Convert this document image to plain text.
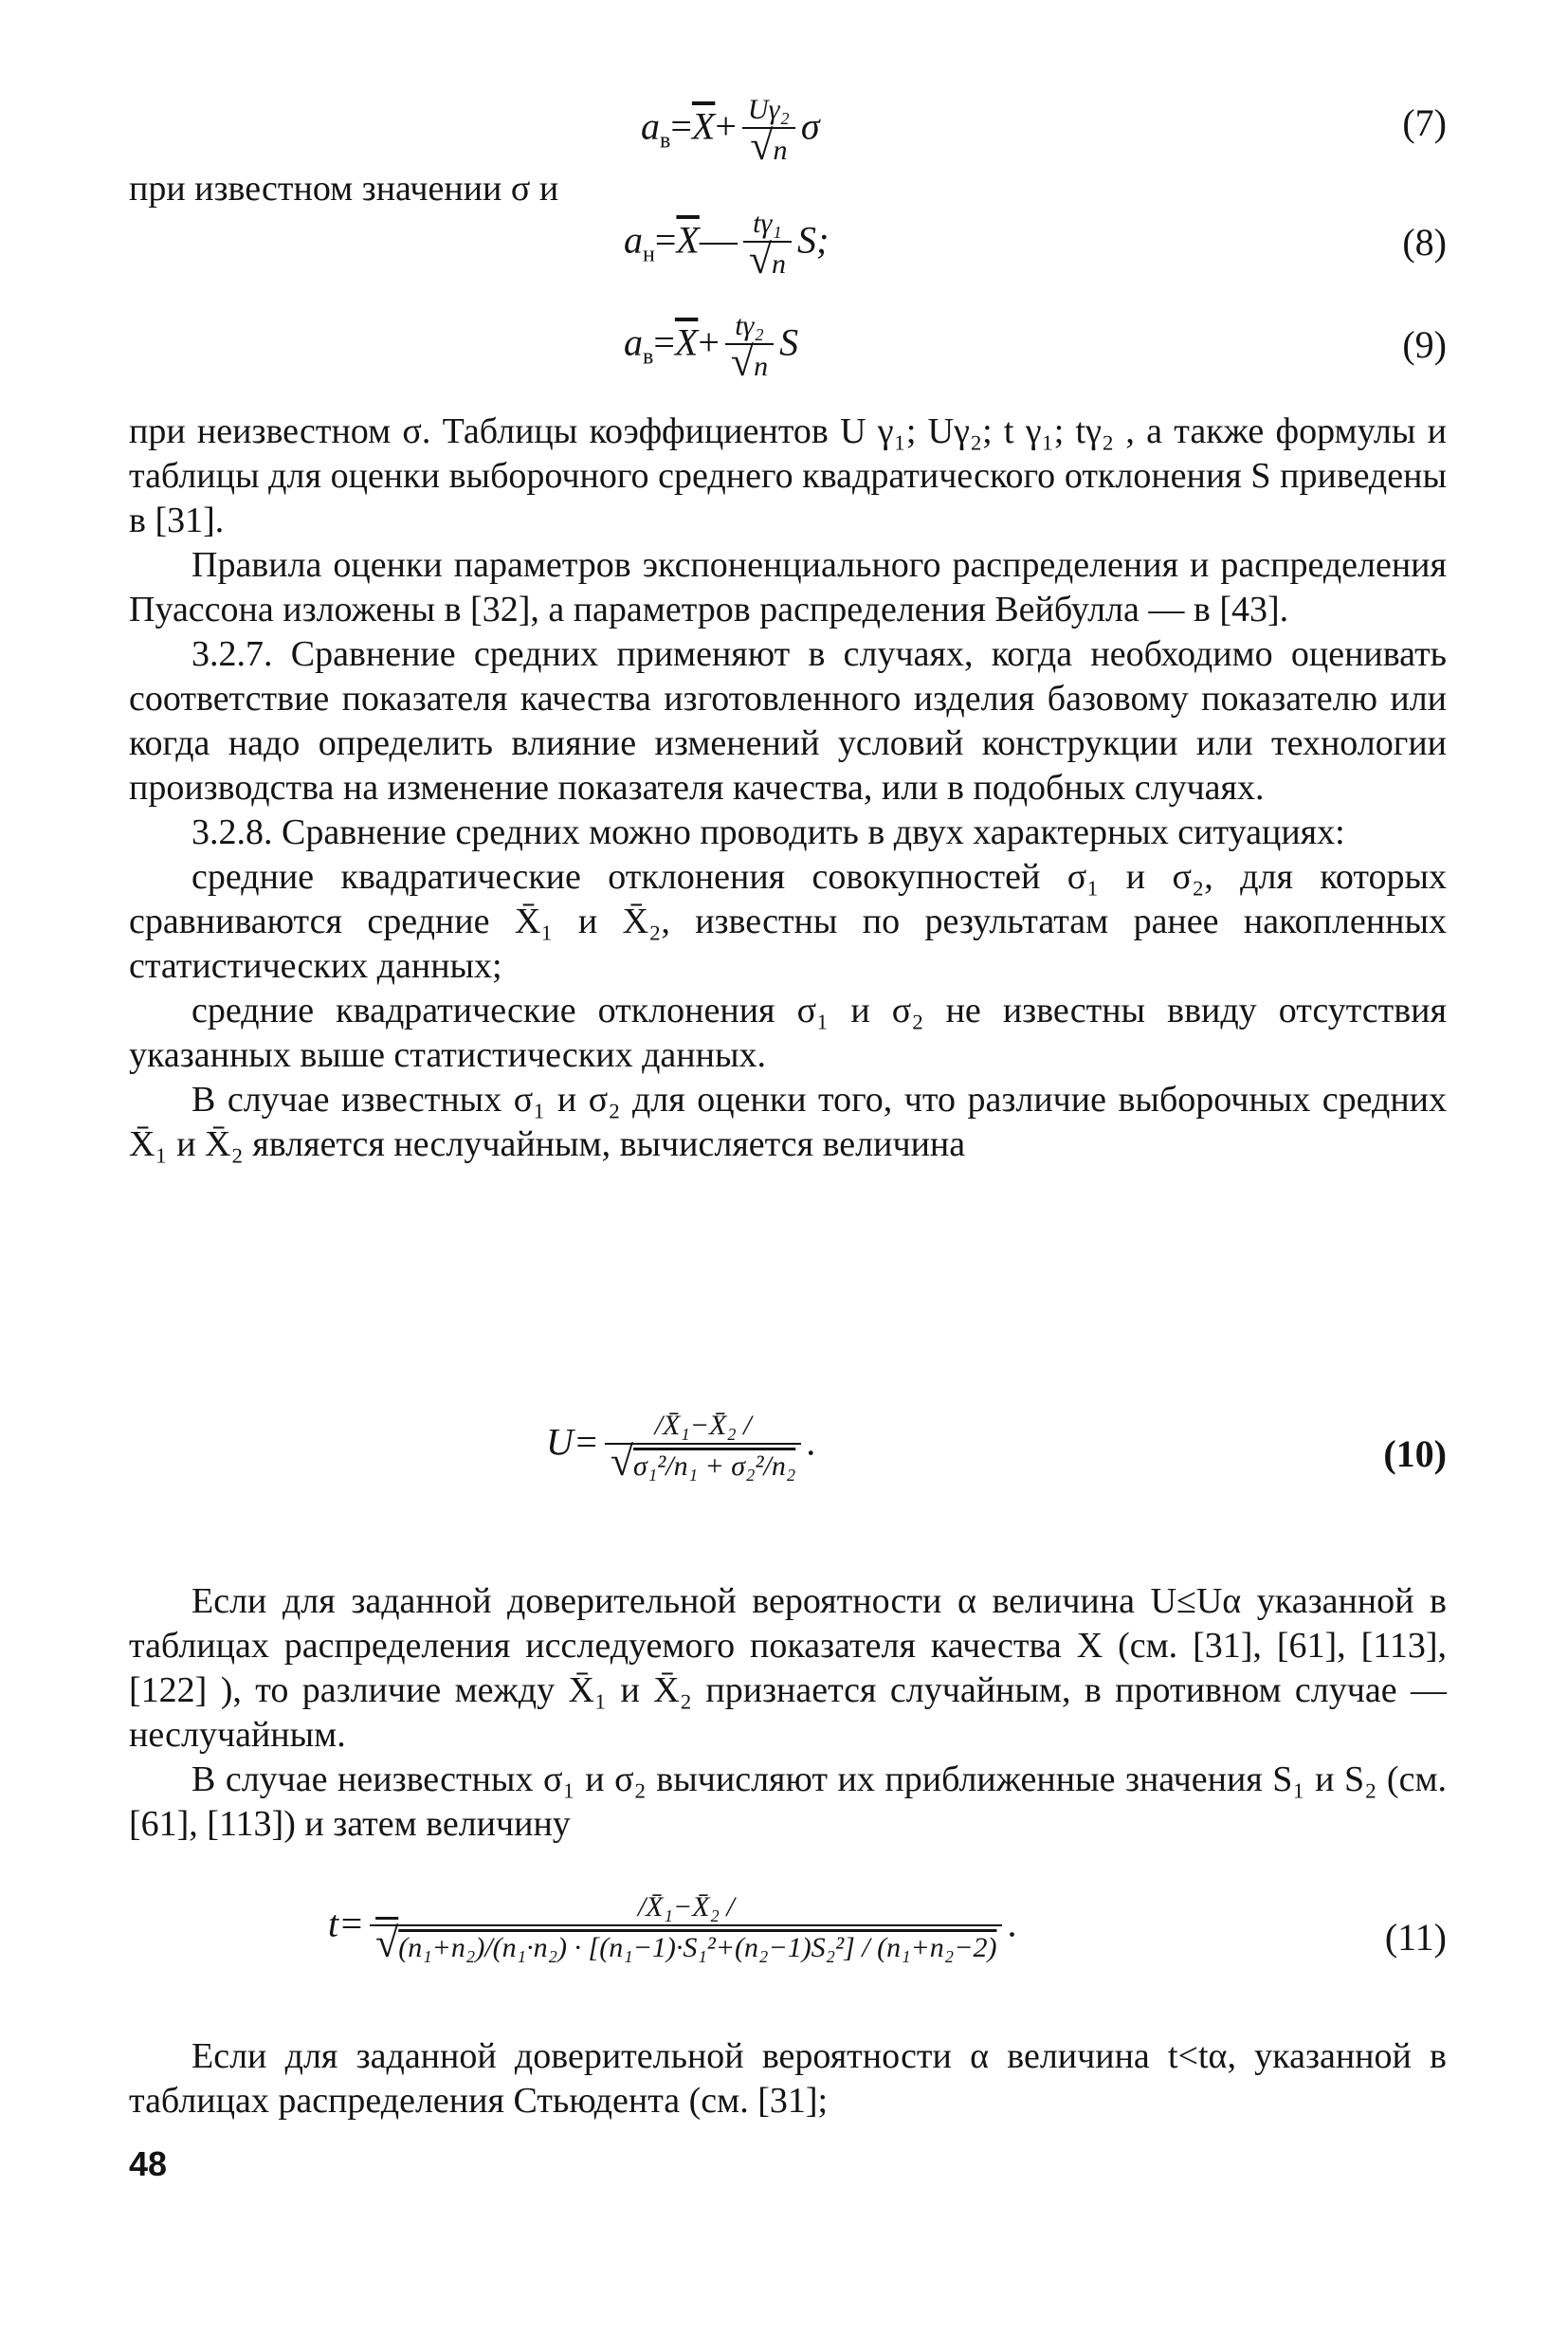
$a_в=\overline{X}+ \frac{\text{Uγ₂}}{√n}$ σ	(7)

при известном значении σ и

$a_н=\overline{X}— \frac{\text{tγ₁}}{√n} S$;	(8)
$a_в=\overline{X}+ \frac{\text{tγ₂}}{√n}$ S	(9)

при неизвестном σ. Таблицы коэффициентов U γ₁; Uγ₂; t γ₁; tγ₂ , а также формулы и таблицы для оценки выборочного среднего квадратического отклонения S приведены в [31].

Правила оценки параметров экспоненциального распределения и распределения Пуассона изложены в [32], а параметров распределения Вейбулла — в [43].

3.2.7. Сравнение средних применяют в случаях, когда необходимо оценивать соответствие показателя качества изготовленного изделия базовому показателю или когда надо определить влияние изменений условий конструкции или технологии производства на изменение показателя качества, или в подобных случаях.

3.2.8. Сравнение средних можно проводить в двух характерных ситуациях:

средние квадратические отклонения совокупностей σ₁ и σ₂, для которых сравниваются средние X̄₁ и X̄₂, известны по результатам ранее накопленных статистических данных;

средние квадратические отклонения σ₁ и σ₂ не известны ввиду отсутствия указанных выше статистических данных.

В случае известных σ₁ и σ₂ для оценки того, что различие выборочных средних X̄₁ и X̄₂ является неслучайным, вычисляется величина

$U= \frac{\text{/X̄₁−X̄₂ /}}{\text{√σ₁²/n₁ + σ₂²/n₂}}$ .	(10)

Если для заданной доверительной вероятности α величина U≤Uα указанной в таблицах распределения исследуемого показателя качества X (см. [31], [61], [113],[122] ), то различие между X̄₁ и X̄₂ признается случайным, в противном случае — неслучайным.

В случае неизвестных σ₁ и σ₂ вычисляют их приближенные значения S₁ и S₂ (см. [61], [113]) и затем величину

$t= \frac{\text{/X̄₁−X̄₂ /}}{\text{√(n₁+n₂)/(n₁·n₂) · [(n₁−1)·S₁²+(n₂−1)S₂²] / (n₁+n₂−2)}}$ .	(11)

Если для заданной доверительной вероятности α величина t<tα, указанной в таблицах распределения Стьюдента (см. [31];

48
